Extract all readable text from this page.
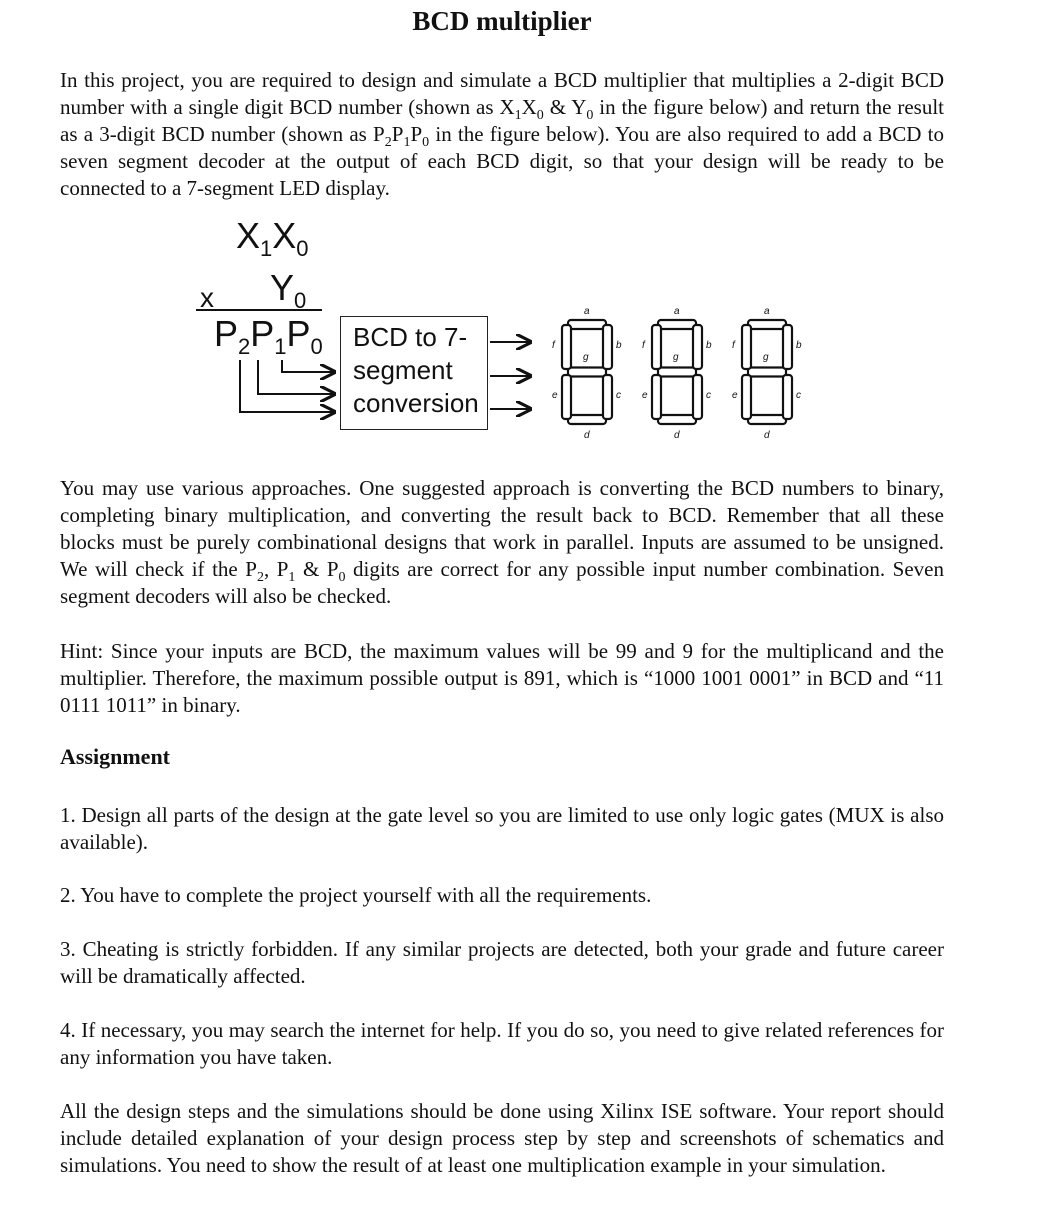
BCD multiplier

In this project, you are required to design and simulate a BCD multiplier that multiplies a 2-digit BCD number with a single digit BCD number (shown as $X_1X_0$ & $Y_0$ in the figure below) and return the result as a 3-digit BCD number (shown as $P_2P_1P_0$ in the figure below). You are also required to add a BCD to seven segment decoder at the output of each BCD digit, so that your design will be ready to be connected to a 7-segment LED display.

$X_1X_0$
x $Y_0$
$P_2P_1P_0$ BCD to 7-
segment
conversion
a
b
f
g
e	c
d
a
b
f
g
e	c
d
a
b
f
g
e	c
d

You may use various approaches. One suggested approach is converting the BCD numbers to binary, completing binary multiplication, and converting the result back to BCD. Remember that all these blocks must be purely combinational designs that work in parallel. Inputs are assumed to be unsigned. We will check if the $P_2$, $P_1$ & $P_0$ digits are correct for any possible input number combination. Seven segment decoders will also be checked.

Hint: Since your inputs are BCD, the maximum values will be 99 and 9 for the multiplicand and the multiplier. Therefore, the maximum possible output is 891, which is “1000 1001 0001” in BCD and “11 0111 1011” in binary.

Assignment

1. Design all parts of the design at the gate level so you are limited to use only logic gates (MUX is also available).

2. You have to complete the project yourself with all the requirements.

3. Cheating is strictly forbidden. If any similar projects are detected, both your grade and future career will be dramatically affected.

4. If necessary, you may search the internet for help. If you do so, you need to give related references for any information you have taken.

All the design steps and the simulations should be done using Xilinx ISE software. Your report should include detailed explanation of your design process step by step and screenshots of schematics and simulations. You need to show the result of at least one multiplication example in your simulation.
